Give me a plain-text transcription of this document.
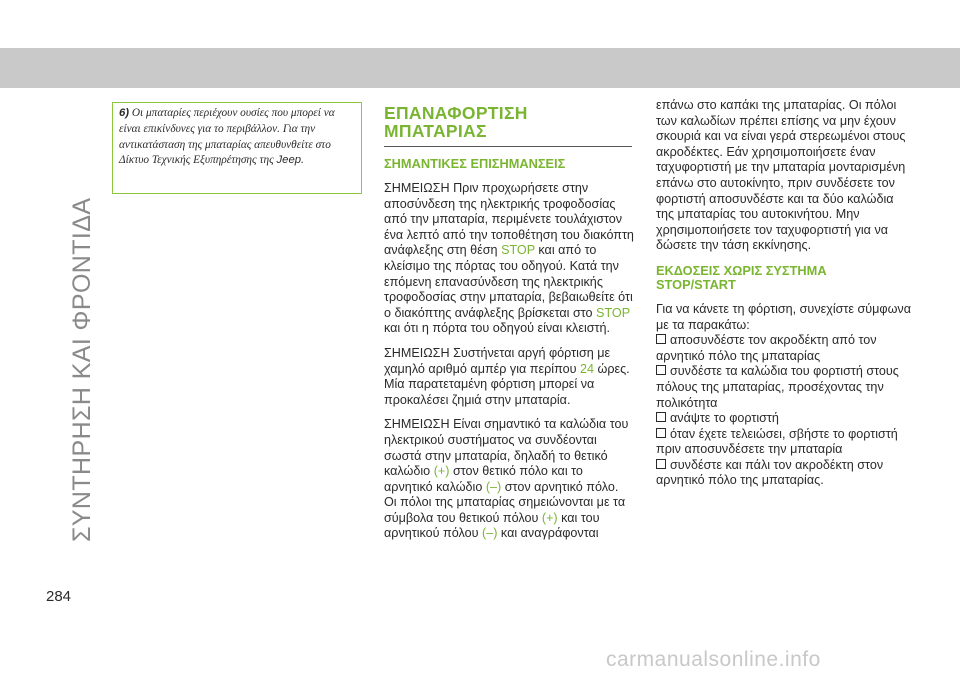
ΣΥΝΤΗΡΗΣΗ ΚΑΙ ΦΡΟΝΤΙΔΑ
6) Οι μπαταρίες περιέχουν ουσίες που μπορεί να είναι επικίνδυνες για το περιβάλλον. Για την αντικατάσταση της μπαταρίας απευθυνθείτε στο Δίκτυο Τεχνικής Εξυπηρέτησης της Jeep.
ΕΠΑΝΑΦΟΡΤΙΣΗ
ΜΠΑΤΑΡΙΑΣ
ΣΗΜΑΝΤΙΚΕΣ ΕΠΙΣΗΜΑΝΣΕΙΣ

ΣΗΜΕΙΩΣΗ Πριν προχωρήσετε στην αποσύνδεση της ηλεκτρικής τροφοδοσίας από την μπαταρία, περιμένετε τουλάχιστον ένα λεπτό από την τοποθέτηση του διακόπτη ανάφλεξης στη θέση STOP και από το κλείσιμο της πόρτας του οδηγού. Κατά την επόμενη επανασύνδεση της ηλεκτρικής τροφοδοσίας στην μπαταρία, βεβαιωθείτε ότι ο διακόπτης ανάφλεξης βρίσκεται στο STOP και ότι η πόρτα του οδηγού είναι κλειστή.

ΣΗΜΕΙΩΣΗ Συστήνεται αργή φόρτιση με χαμηλό αριθμό αμπέρ για περίπου 24 ώρες. Μία παρατεταμένη φόρτιση μπορεί να προκαλέσει ζημιά στην μπαταρία.

ΣΗΜΕΙΩΣΗ Είναι σημαντικό τα καλώδια του ηλεκτρικού συστήματος να συνδέονται σωστά στην μπαταρία, δηλαδή το θετικό καλώδιο (+) στον θετικό πόλο και το αρνητικό καλώδιο (–) στον αρνητικό πόλο. Οι πόλοι της μπαταρίας σημειώνονται με τα σύμβολα του θετικού πόλου (+) και του αρνητικού πόλου (–) και αναγράφονται

επάνω στο καπάκι της μπαταρίας. Οι πόλοι των καλωδίων πρέπει επίσης να μην έχουν σκουριά και να είναι γερά στερεωμένοι στους ακροδέκτες. Εάν χρησιμοποιήσετε έναν ταχυφορτιστή με την μπαταρία μονταρισμένη επάνω στο αυτοκίνητο, πριν συνδέσετε τον φορτιστή αποσυνδέστε και τα δύο καλώδια της μπαταρίας του αυτοκινήτου. Μην χρησιμοποιήσετε τον ταχυφορτιστή για να δώσετε την τάση εκκίνησης.

ΕΚΔΟΣΕΙΣ ΧΩΡΙΣ ΣΥΣΤΗΜΑ
STOP/START

Για να κάνετε τη φόρτιση, συνεχίστε σύμφωνα με τα παρακάτω:

αποσυνδέστε τον ακροδέκτη από τον αρνητικό πόλο της μπαταρίας

συνδέστε τα καλώδια του φορτιστή στους πόλους της μπαταρίας, προσέχοντας την πολικότητα

ανάψτε το φορτιστή

όταν έχετε τελειώσει, σβήστε το φορτιστή πριν αποσυνδέσετε την μπαταρία

συνδέστε και πάλι τον ακροδέκτη στον αρνητικό πόλο της μπαταρίας.

284
carmanualsonline.info
